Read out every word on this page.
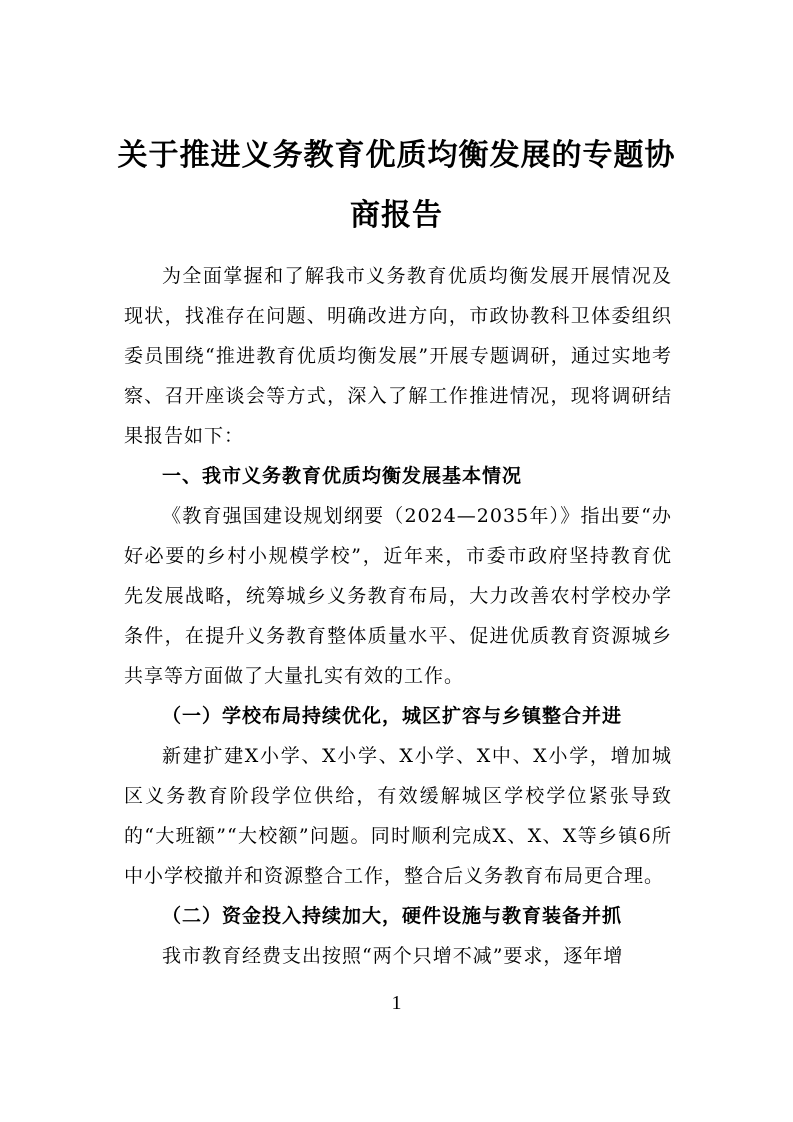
关于推进义务教育优质均衡发展的专题协
商报告

为全面掌握和了解我市义务教育优质均衡发展开展情况及现状，找准存在问题、明确改进方向，市政协教科卫体委组织委员围绕“推进教育优质均衡发展”开展专题调研，通过实地考察、召开座谈会等方式，深入了解工作推进情况，现将调研结果报告如下：

一、我市义务教育优质均衡发展基本情况

《教育强国建设规划纲要（2024—2035年）》指出要“办好必要的乡村小规模学校”，近年来，市委市政府坚持教育优先发展战略，统筹城乡义务教育布局，大力改善农村学校办学条件，在提升义务教育整体质量水平、促进优质教育资源城乡共享等方面做了大量扎实有效的工作。

（一）学校布局持续优化，城区扩容与乡镇整合并进

新建扩建X小学、X小学、X小学、X中、X小学，增加城区义务教育阶段学位供给，有效缓解城区学校学位紧张导致的“大班额”“大校额”问题。同时顺利完成X、X、X等乡镇6所中小学校撤并和资源整合工作，整合后义务教育布局更合理。

（二）资金投入持续加大，硬件设施与教育装备并抓

我市教育经费支出按照“两个只增不减”要求，逐年增

1
